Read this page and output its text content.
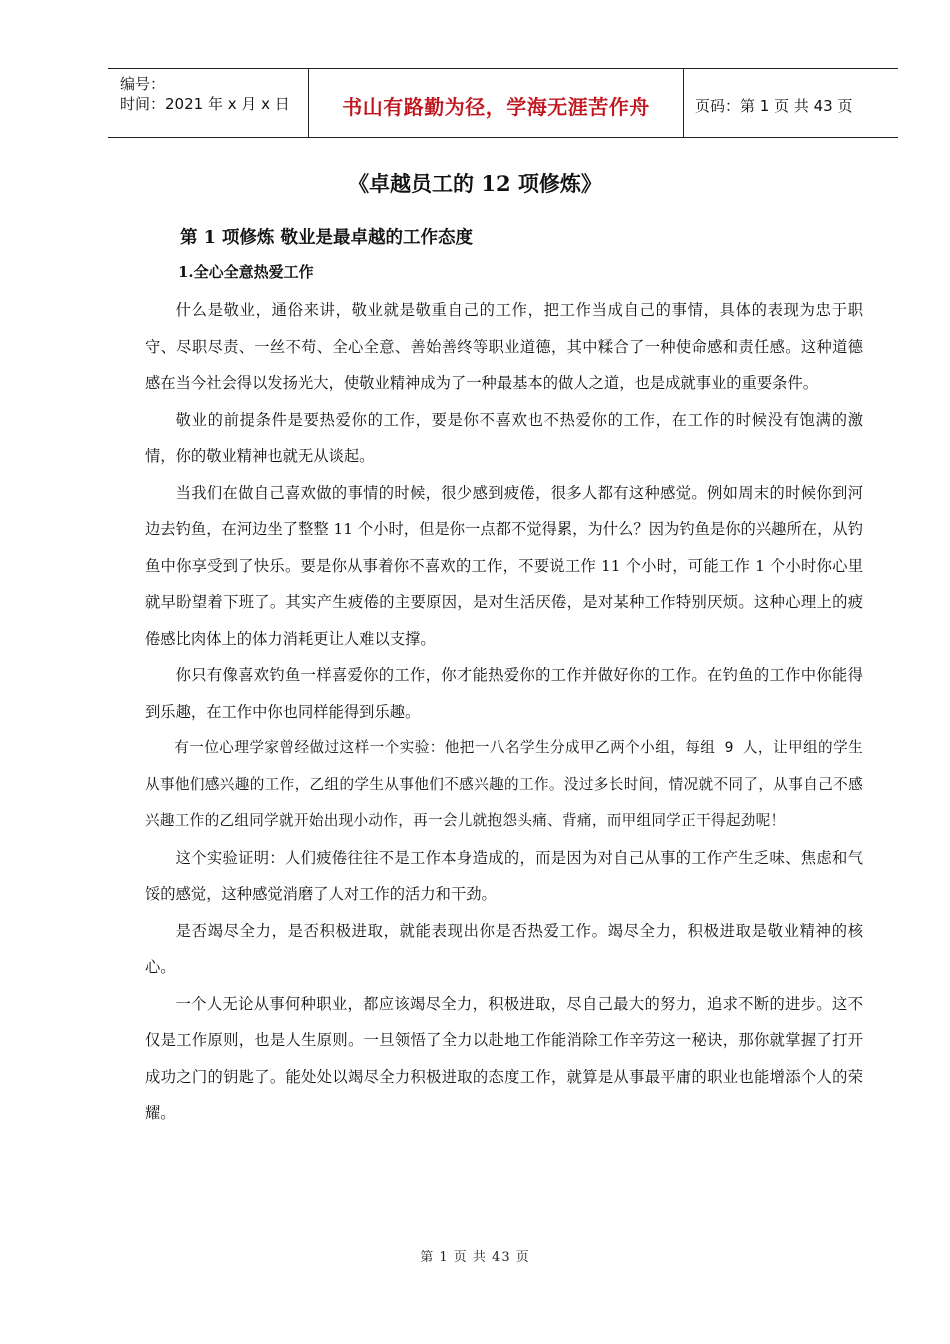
编号：
时间：2021 年 x 月 x 日	书山有路勤为径，学海无涯苦作舟	页码：第 1 页 共 43 页
《卓越员工的 12 项修炼》
第 1 项修炼 敬业是最卓越的工作态度
1.全心全意热爱工作

什么是敬业，通俗来讲，敬业就是敬重自己的工作，把工作当成自己的事情，具体的表现为忠于职守、尽职尽责、一丝不苟、全心全意、善始善终等职业道德，其中糅合了一种使命感和责任感。这种道德感在当今社会得以发扬光大，使敬业精神成为了一种最基本的做人之道，也是成就事业的重要条件。

敬业的前提条件是要热爱你的工作，要是你不喜欢也不热爱你的工作，在工作的时候没有饱满的激情，你的敬业精神也就无从谈起。

当我们在做自己喜欢做的事情的时候，很少感到疲倦，很多人都有这种感觉。例如周末的时候你到河边去钓鱼，在河边坐了整整 11 个小时，但是你一点都不觉得累，为什么？因为钓鱼是你的兴趣所在，从钓鱼中你享受到了快乐。要是你从事着你不喜欢的工作，不要说工作 11 个小时，可能工作 1 个小时你心里就早盼望着下班了。其实产生疲倦的主要原因，是对生活厌倦，是对某种工作特别厌烦。这种心理上的疲倦感比肉体上的体力消耗更让人难以支撑。

你只有像喜欢钓鱼一样喜爱你的工作，你才能热爱你的工作并做好你的工作。在钓鱼的工作中你能得到乐趣，在工作中你也同样能得到乐趣。

有一位心理学家曾经做过这样一个实验：他把一八名学生分成甲乙两个小组，每组 9 人，让甲组的学生从事他们感兴趣的工作，乙组的学生从事他们不感兴趣的工作。没过多长时间，情况就不同了，从事自己不感兴趣工作的乙组同学就开始出现小动作，再一会儿就抱怨头痛、背痛，而甲组同学正干得起劲呢！

这个实验证明：人们疲倦往往不是工作本身造成的，而是因为对自己从事的工作产生乏味、焦虑和气馁的感觉，这种感觉消磨了人对工作的活力和干劲。

是否竭尽全力，是否积极进取，就能表现出你是否热爱工作。竭尽全力，积极进取是敬业精神的核心。

一个人无论从事何种职业，都应该竭尽全力，积极进取，尽自己最大的努力，追求不断的进步。这不仅是工作原则，也是人生原则。一旦领悟了全力以赴地工作能消除工作辛劳这一秘诀，那你就掌握了打开成功之门的钥匙了。能处处以竭尽全力积极进取的态度工作，就算是从事最平庸的职业也能增添个人的荣耀。

第 1 页 共 43 页
